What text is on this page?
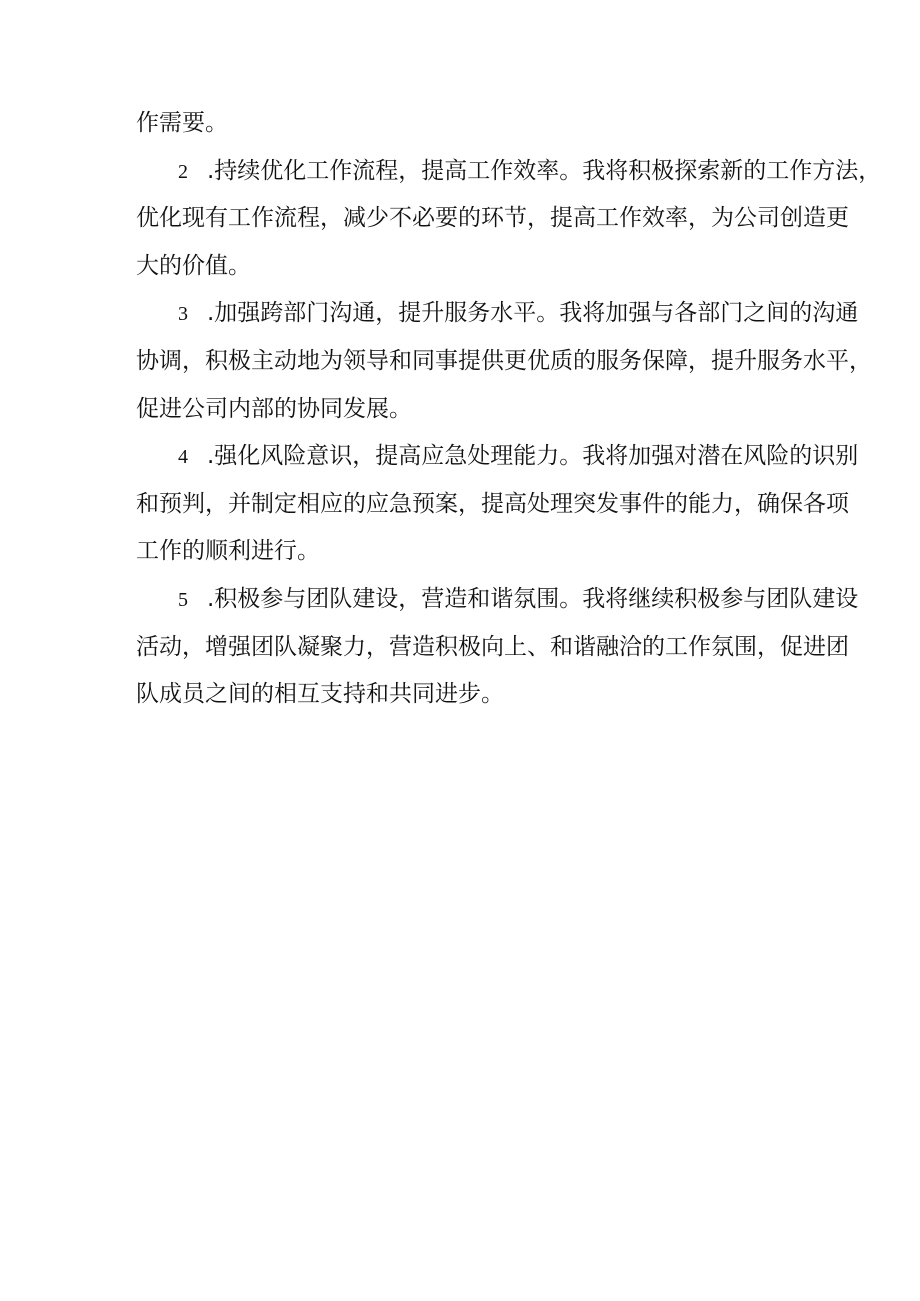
作需要。
2 .持续优化工作流程，提高工作效率。我将积极探索新的工作方法，
优化现有工作流程，减少不必要的环节，提高工作效率，为公司创造更
大的价值。
3 .加强跨部门沟通，提升服务水平。我将加强与各部门之间的沟通
协调，积极主动地为领导和同事提供更优质的服务保障，提升服务水平，
促进公司内部的协同发展。
4 .强化风险意识，提高应急处理能力。我将加强对潜在风险的识别
和预判，并制定相应的应急预案，提高处理突发事件的能力，确保各项
工作的顺利进行。
5 .积极参与团队建设，营造和谐氛围。我将继续积极参与团队建设
活动，增强团队凝聚力，营造积极向上、和谐融洽的工作氛围，促进团
队成员之间的相互支持和共同进步。
